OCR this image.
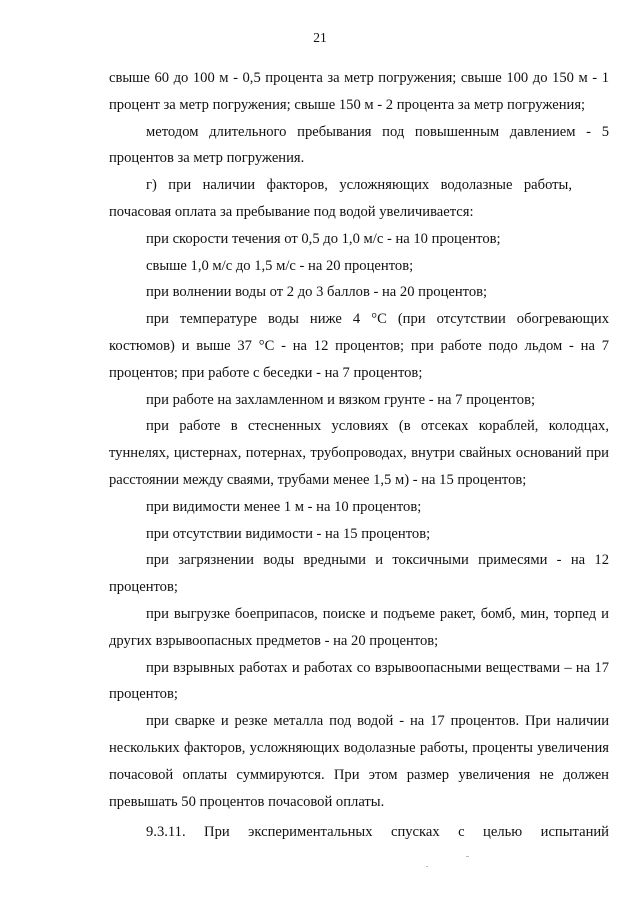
21

свыше 60 до 100 м - 0,5 процента за метр погружения; свыше 100 до 150 м - 1 процент за метр погружения; свыше 150 м - 2 процента за метр погружения;

методом длительного пребывания под повышенным давлением - 5 процентов за метр погружения.

г) при наличии факторов, усложняющих водолазные работы, почасовая оплата за пребывание под водой увеличивается:

при скорости течения от 0,5 до 1,0 м/с - на 10 процентов;

свыше 1,0 м/с до 1,5 м/с - на 20 процентов;

при волнении воды от 2 до 3 баллов - на 20 процентов;

при температуре воды ниже 4 °С (при отсутствии обогревающих костюмов) и выше 37 °С - на 12 процентов; при работе подо льдом - на 7 процентов; при работе с беседки - на 7 процентов;

при работе на захламленном и вязком грунте - на 7 процентов;

при работе в стесненных условиях (в отсеках кораблей, колодцах, туннелях, цистернах, потернах, трубопроводах, внутри свайных оснований при расстоянии между сваями, трубами менее 1,5 м) - на 15 процентов;

при видимости менее 1 м - на 10 процентов;

при отсутствии видимости - на 15 процентов;

при загрязнении воды вредными и токсичными примесями - на 12 процентов;

при выгрузке боеприпасов, поиске и подъеме ракет, бомб, мин, торпед и других взрывоопасных предметов - на 20 процентов;

при взрывных работах и работах со взрывоопасными веществами – на 17 процентов;

при сварке и резке металла под водой - на 17 процентов. При наличии нескольких факторов, усложняющих водолазные работы, проценты увеличения почасовой оплаты суммируются. При этом размер увеличения не должен превышать 50 процентов почасовой оплаты.

9.3.11. При экспериментальных спусках с целью испытаний
